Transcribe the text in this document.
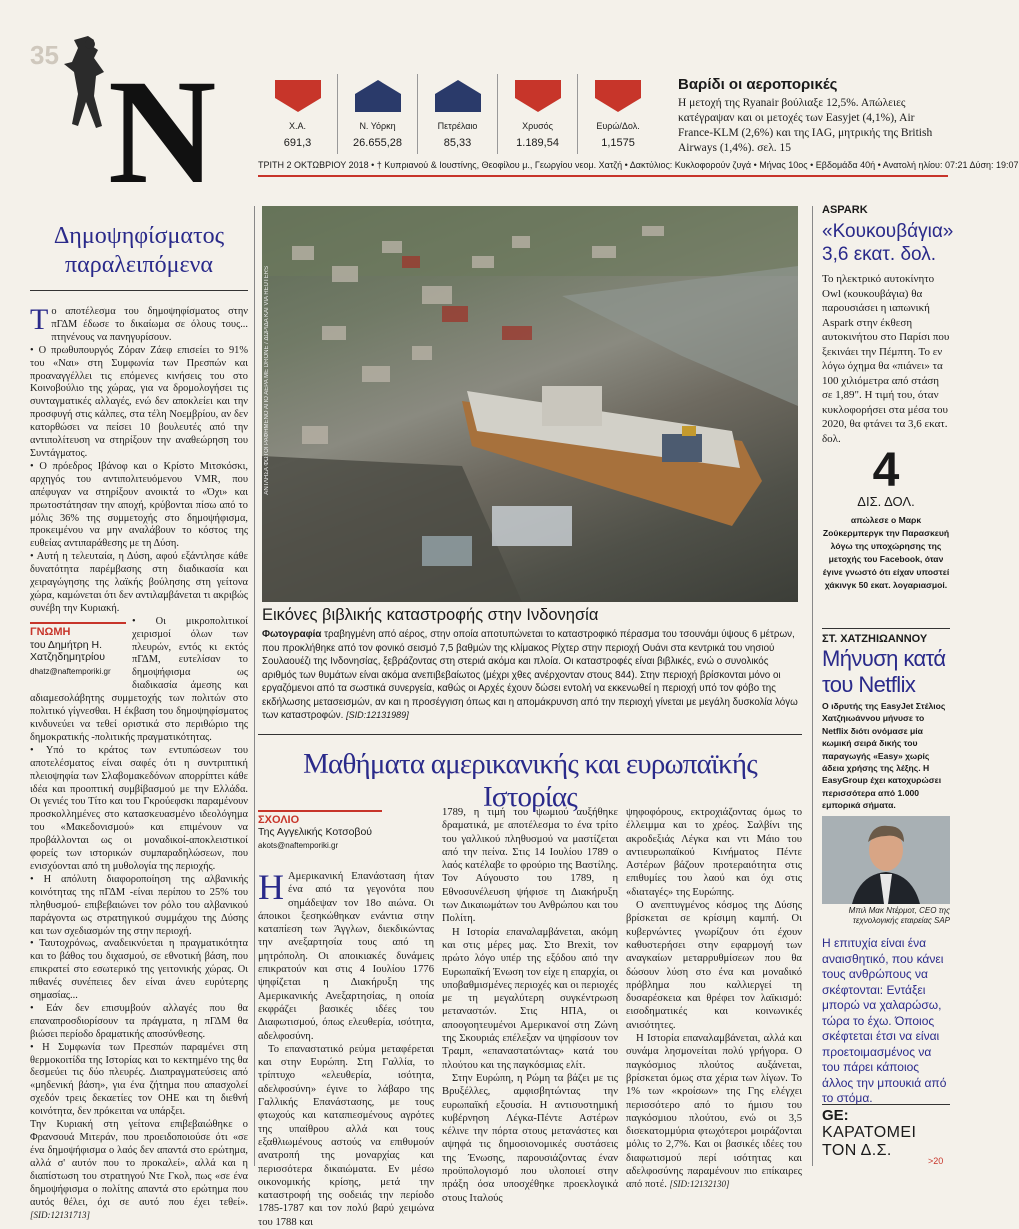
35 N	Χ.Α.
691,3
Ν. Υόρκη
26.655,28
Πετρέλαιο
85,33
Χρυσός
1.189,54
Ευρώ/Δολ.
1,1575
Βαρίδι οι αεροπορικές
Η μετοχή της Ryanair βούλιαξε 12,5%. Απώλειες κατέγραψαν και οι μετοχές των Easyjet (4,1%), Air France-KLM (2,6%) και της IAG, μητρικής της British Airways (1,4%). σελ. 15
ΤΡΙΤΗ 2 ΟΚΤΩΒΡΙΟΥ 2018 • † Κυπριανού & Ιουστίνης, Θεοφίλου μ., Γεωργίου νεομ. Χατζή • Δακτύλιος: Κυκλοφορούν ζυγά • Μήνας 10ος • Εβδομάδα 40ή • Ανατολή ηλίου: 07:21 Δύση: 19:07
Δημοψηφίσματος παραλειπόμενα

Το αποτέλεσμα του δημοψηφίσματος στην πΓΔΜ έδωσε το δικαίωμα σε όλους τους... πτηνένους να πανηγυρίσουν.

• Ο πρωθυπουργός Ζόραν Ζάεφ επισείει το 91% του «Ναι» στη Συμφωνία των Πρεσπών και προαναγγέλλει τις επόμενες κινήσεις του στο Κοινοβούλιο της χώρας, για να δρομολογήσει τις συνταγματικές αλλαγές, ενώ δεν αποκλείει και την προσφυγή στις κάλπες, στα τέλη Νοεμβρίου, αν δεν κατορθώσει να πείσει 10 βουλευτές από την αντιπολίτευση να στηρίξουν την αναθεώρηση του Συντάγματος.

• Ο πρόεδρος Ιβάνοφ και ο Κρίστο Μιτσκόσκι, αρχηγός του αντιπολιτευόμενου VMR, που απέφυγαν να στηρίξουν ανοικτά το «Όχι» και πρωτοστάτησαν την αποχή, κρύβονται πίσω από το μόλις 36% της συμμετοχής στο δημοψήφισμα, προκειμένου να μην αναλάβουν το κόστος της ευθείας αντιπαράθεσης με τη Δύση.

• Αυτή η τελευταία, η Δύση, αφού εξάντλησε κάθε δυνατότητα παρέμβασης στη διαδικασία και χειραγώγησης της λαϊκής βούλησης στη γείτονα χώρα, καμώνεται ότι δεν αντιλαμβάνεται τι ακριβώς συνέβη την Κυριακή.

ΓΝΩΜΗ
του Δημήτρη Η. Χατζηδημητρίου
dhatz@naftemporiki.gr

• Οι μικροπολιτικοί χειρισμοί όλων των πλευρών, εντός κι εκτός πΓΔΜ, ευτελίσαν το δημοψήφισμα ως διαδικασία άμεσης και αδιαμεσολάβητης συμμετοχής των πολιτών στο πολιτικό γίγνεσθαι. Η έκβαση του δημοψηφίσματος κινδυνεύει να τεθεί οριστικά στο περιθώριο της δημοκρατικής -πολιτικής πραγματικότητας.

• Υπό το κράτος των εντυπώσεων του αποτελέσματος είναι σαφές ότι η συντριπτική πλειοψηφία των Σλαβομακεδόνων απορρίπτει κάθε ιδέα και προοπτική συμβίβασμού με την Ελλάδα. Οι γενιές του Τίτο και του Γκρούεφσκι παραμένουν προσκολλημένες στο κατασκευασμένο ιδεολόγημα του «Μακεδονισμού» και επιμένουν να προβάλλονται ως οι μοναδικοί-αποκλειστικοί φορείς των ιστορικών συμπαραδηλώσεων, που ενισχύονται από τη μυθολογία της περιοχής.

• Η απόλυτη διαφοροποίηση της αλβανικής κοινότητας της πΓΔΜ -είναι περίπου το 25% του πληθυσμού- επιβεβαιώνει τον ρόλο του αλβανικού παράγοντα ως στρατηγικού συμμάχου της Δύσης και των σχεδιασμών της στην περιοχή.

• Ταυτοχρόνως, αναδεικνύεται η πραγματικότητα και το βάθος του διχασμού, σε εθνοτική βάση, που επικρατεί στο εσωτερικό της γειτονικής χώρας. Οι πιθανές συνέπειες δεν είναι άνευ ευρύτερης σημασίας...

• Εάν δεν επισυμβούν αλλαγές που θα επαναπροσδιορίσουν τα πράγματα, η πΓΔΜ θα βιώσει περίοδο δραματικής αποσύνθεσης.

• Η Συμφωνία των Πρεσπών παραμένει στη θερμοκοιτίδα της Ιστορίας και το κεκτημένο της θα δεσμεύει τις δύο πλευρές. Διαπραγματεύσεις από «μηδενική βάση», για ένα ζήτημα που απασχολεί σχεδόν τρεις δεκαετίες τον ΟΗΕ και τη διεθνή κοινότητα, δεν πρόκειται να υπάρξει.

Την Κυριακή στη γείτονα επιβεβαιώθηκε ο Φρανσουά Μιτεράν, που προειδοποιούσε ότι «σε ένα δημοψήφισμα ο λαός δεν απαντά στο ερώτημα, αλλά σ' αυτόν που το προκαλεί», αλλά και η διαπίστωση του στρατηγού Ντε Γκολ, πως «σε ένα δημοψήφισμα ο πολίτης απαντά στο ερώτημα που αυτός θέλει, όχι σε αυτό που έχει τεθεί». [SID:12131713]

ΑΝΤΛΗΣΑ ΦΩΤΟΓΡΑΦΗΜΕΝΟ ΑΠΟ ΑΕΡΑ ΜΕ DRONE / ΔΩΡΙΔΑ ΚΑΙ VIA REUTERS
Εικόνες βιβλικής καταστροφής στην Ινδονησία
Φωτογραφία τραβηγμένη από αέρος, στην οποία αποτυπώνεται το καταστροφικό πέρασμα του τσουνάμι ύψους 6 μέτρων, που προκλήθηκε από τον φονικό σεισμό 7,5 βαθμών της κλίμακος Ρίχτερ στην περιοχή Ουάνι στα κεντρικά του νησιού Σουλαουέζι της Ινδονησίας, ξεβράζοντας στη στεριά ακόμα και πλοία. Οι καταστροφές είναι βιβλικές, ενώ ο συνολικός αριθμός των θυμάτων είναι ακόμα ανεπιβεβαίωτος (μέχρι χθες ανέρχονταν στους 844). Στην περιοχή βρίσκονται μόνο οι εργαζόμενοι από τα σωστικά συνεργεία, καθώς οι Αρχές έχουν δώσει εντολή να εκκενωθεί η περιοχή υπό τον φόβο της εκδήλωσης μετασεισμών, αν και η προσέγγιση όπως και η απομάκρυνση από την περιοχή γίνεται με μεγάλη δυσκολία λόγω των καταστροφών. [SID:12131989]
Μαθήματα αμερικανικής και ευρωπαϊκής Ιστορίας
ΣΧΟΛΙΟ
Της Αγγελικής Κοτσοβού
akots@naftemporiki.gr

Η Αμερικανική Επανάσταση ήταν ένα από τα γεγονότα που σημάδεψαν τον 18ο αιώνα. Οι άποικοι ξεσηκώθηκαν ενάντια στην καταπίεση των Άγγλων, διεκδικώντας την ανεξαρτησία τους από τη μητρόπολη. Οι αποικιακές δυνάμεις επικρατούν και στις 4 Ιουλίου 1776 ψηφίζεται η Διακήρυξη της Αμερικανικής Ανεξαρτησίας, η οποία εκφράζει βασικές ιδέες του Διαφωτισμού, όπως ελευθερία, ισότητα, αδελφοσύνη.

Το επαναστατικό ρεύμα μεταφέρεται και στην Ευρώπη. Στη Γαλλία, το τρίπτυχο «ελευθερία, ισότητα, αδελφοσύνη» έγινε το λάβαρο της Γαλλικής Επανάστασης, με τους φτωχούς και καταπιεσμένους αγρότες της υπαίθρου αλλά και τους εξαθλιωμένους αστούς να επιθυμούν ανατροπή της μοναρχίας και περισσότερα δικαιώματα. Εν μέσω οικονομικής κρίσης, μετά την καταστροφή της σοδειάς την περίοδο 1785-1787 και τον πολύ βαρύ χειμώνα του 1788 και

1789, η τιμή του ψωμιού αυξήθηκε δραματικά, με αποτέλεσμα το ένα τρίτο του γαλλικού πληθυσμού να μαστίζεται από την πείνα. Στις 14 Ιουλίου 1789 ο λαός κατέλαβε το φρούριο της Βαστίλης. Τον Αύγουστο του 1789, η Εθνοσυνέλευση ψήφισε τη Διακήρυξη των Δικαιωμάτων του Ανθρώπου και του Πολίτη.

Η Ιστορία επαναλαμβάνεται, ακόμη και στις μέρες μας. Στο Brexit, τον πρώτο λόγο υπέρ της εξόδου από την Ευρωπαϊκή Ένωση τον είχε η επαρχία, οι υποβαθμισμένες περιοχές και οι περιοχές με τη μεγαλύτερη συγκέντρωση μεταναστών. Στις ΗΠΑ, οι αποογοητευμένοι Αμερικανοί στη Ζώνη της Σκουριάς επέλεξαν να ψηφίσουν τον Τραμπ, «επαναστατώντας» κατά του πλούτου και της παγκόσμιας ελίτ.

Στην Ευρώπη, η Ρώμη τα βάζει με τις Βρυξέλλες, αμφισβητώντας την ευρωπαϊκή εξουσία. Η αντισυστημική κυβέρνηση Λέγκα-Πέντε Αστέρων κέλινε την πόρτα στους μετανάστες και αψηφά τις δημοσιονομικές συστάσεις της Ένωσης, παρουσιάζοντας έναν προϋπολογισμό που υλοποιεί στην πράξη όσα υποσχέθηκε προεκλογικά στους Ιταλούς

ψηφοφόρους, εκτροχιάζοντας όμως το έλλειμμα και το χρέος. Σαλβίνι της ακροδεξιάς Λέγκα και ντι Μάιο του αντιευρωπαϊκού Κινήματος Πέντε Αστέρων βάζουν προτεραιότητα στις επιθυμίες του λαού και όχι στις «διαταγές» της Ευρώπης.

Ο ανεπτυγμένος κόσμος της Δύσης βρίσκεται σε κρίσιμη καμπή. Οι κυβερνώντες γνωρίζουν ότι έχουν καθυστερήσει στην εφαρμογή των αναγκαίων μεταρρυθμίσεων που θα δώσουν λύση στο ένα και μοναδικό πρόβλημα που καλλιεργεί τη δυσαρέσκεια και θρέφει τον λαϊκισμό: εισοδηματικές και κοινωνικές ανισότητες.

Η Ιστορία επαναλαμβάνεται, αλλά και συνάμα λησμονείται πολύ γρήγορα. Ο παγκόσμιος πλούτος αυξάνεται, βρίσκεται όμως στα χέρια των λίγων. Το 1% των «κροίσων» της Γης ελέγχει περισσότερο από το ήμισυ του παγκόσμιου πλούτου, ενώ οι 3,5 δισεκατομμύρια φτωχότεροι μοιράζονται μόλις το 2,7%. Και οι βασικές ιδέες του διαφωτισμού περί ισότητας και αδελφοσύνης παραμένουν πιο επίκαιρες από ποτέ. [SID:12132130]

ASPARK
«Κουκουβάγια» 3,6 εκατ. δολ.
Το ηλεκτρικό αυτοκίνητο Owl (κουκουβάγια) θα παρουσιάσει η ιαπωνική Aspark στην έκθεση αυτοκινήτου στο Παρίσι που ξεκινάει την Πέμπτη. Το εν λόγω όχημα θα «πιάνει» τα 100 χιλιόμετρα από στάση σε 1,89". Η τιμή του, όταν κυκλοφορήσει στα μέσα του 2020, θα φτάνει τα 3,6 εκατ. δολ.
4
ΔΙΣ. ΔΟΛ.
απώλεσε ο Μαρκ Ζούκερμπεργκ την Παρασκευή λόγω της υποχώρησης της μετοχής του Facebook, όταν έγινε γνωστό ότι είχαν υποστεί χάκινγκ 50 εκατ. λογαριασμοί.
ΣΤ. ΧΑΤΖΗΙΩΑΝΝΟΥ
Μήνυση κατά του Netflix
Ο ιδρυτής της EasyJet Στέλιος Χατζηιωάννου μήνυσε το Netflix διότι ονόμασε μία κωμική σειρά δικής του παραγωγής «Easy» χωρίς άδεια χρήσης της λέξης. Η EasyGroup έχει κατοχυρώσει περισσότερα από 1.000 εμπορικά σήματα.
Μπιλ Μακ Ντέρμοτ, CEO της τεχνολογικής εταιρείας SAP
Η επιτυχία είναι ένα αναισθητικό, που κάνει τους ανθρώπους να σκέφτονται: Εντάξει μπορώ να χαλαρώσω, τώρα το έχω. Όποιος σκέφτεται έτσι να είναι προετοιμασμένος να του πάρει κάποιος άλλος την μπουκιά από το στόμα.
GE:
ΚΑΡΑΤΟΜΕΙ ΤΟΝ Δ.Σ.
>20
